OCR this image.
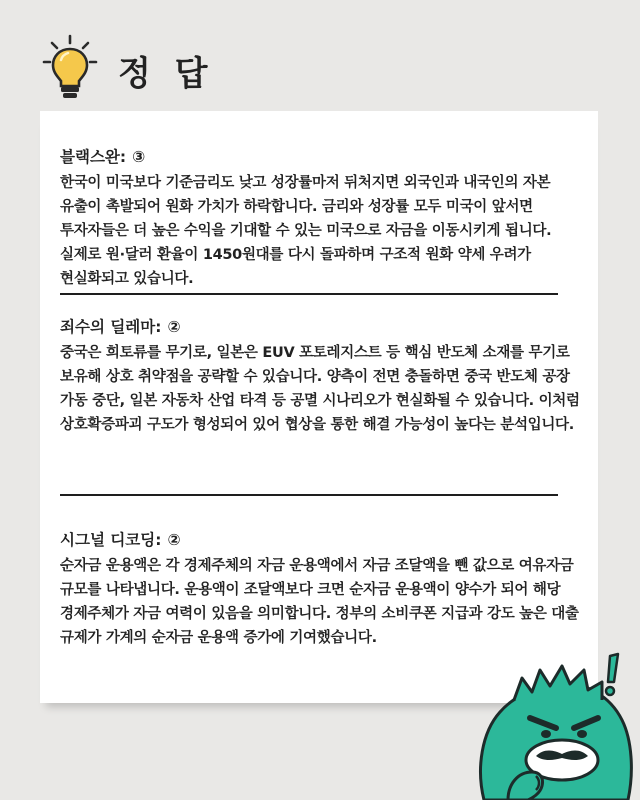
정 답
블랙스완: ③

한국이 미국보다 기준금리도 낮고 성장률마저 뒤처지면 외국인과 내국인의 자본 유출이 촉발되어 원화 가치가 하락합니다. 금리와 성장률 모두 미국이 앞서면 투자자들은 더 높은 수익을 기대할 수 있는 미국으로 자금을 이동시키게 됩니다. 실제로 원·달러 환율이 1450원대를 다시 돌파하며 구조적 원화 약세 우려가 현실화되고 있습니다.

죄수의 딜레마: ②

중국은 희토류를 무기로, 일본은 EUV 포토레지스트 등 핵심 반도체 소재를 무기로 보유해 상호 취약점을 공략할 수 있습니다. 양측이 전면 충돌하면 중국 반도체 공장 가동 중단, 일본 자동차 산업 타격 등 공멸 시나리오가 현실화될 수 있습니다. 이처럼 상호확증파괴 구도가 형성되어 있어 협상을 통한 해결 가능성이 높다는 분석입니다.

시그널 디코딩: ②

순자금 운용액은 각 경제주체의 자금 운용액에서 자금 조달액을 뺀 값으로 여유자금 규모를 나타냅니다. 운용액이 조달액보다 크면 순자금 운용액이 양수가 되어 해당 경제주체가 자금 여력이 있음을 의미합니다. 정부의 소비쿠폰 지급과 강도 높은 대출 규제가 가계의 순자금 운용액 증가에 기여했습니다.
